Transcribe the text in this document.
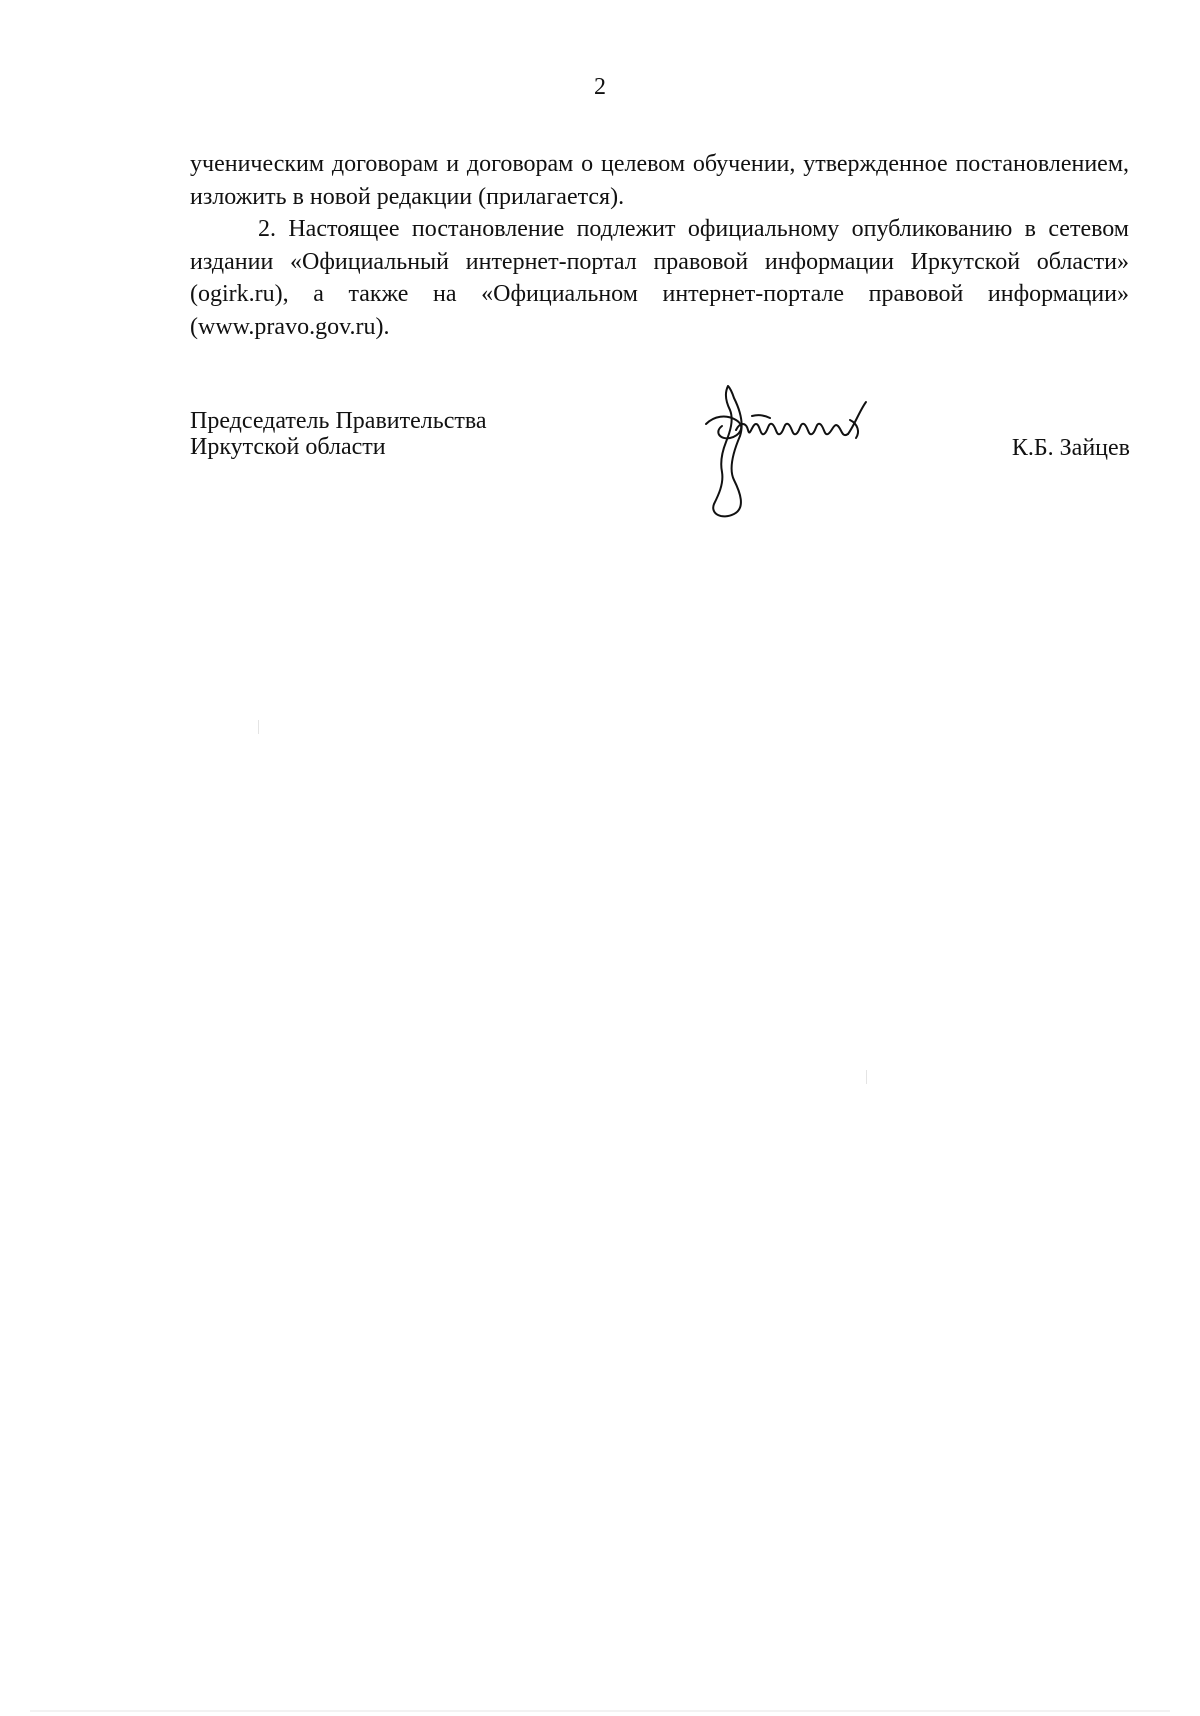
2

ученическим договорам и договорам о целевом обучении, утвержденное постановлением, изложить в новой редакции (прилагается).

2. Настоящее постановление подлежит официальному опубликованию в сетевом издании «Официальный интернет-портал правовой информации Иркутской области» (ogirk.ru), а также на «Официальном интернет-портале правовой информации» (www.pravo.gov.ru).

Председатель Правительства
Иркутской области	К.Б. Зайцев
